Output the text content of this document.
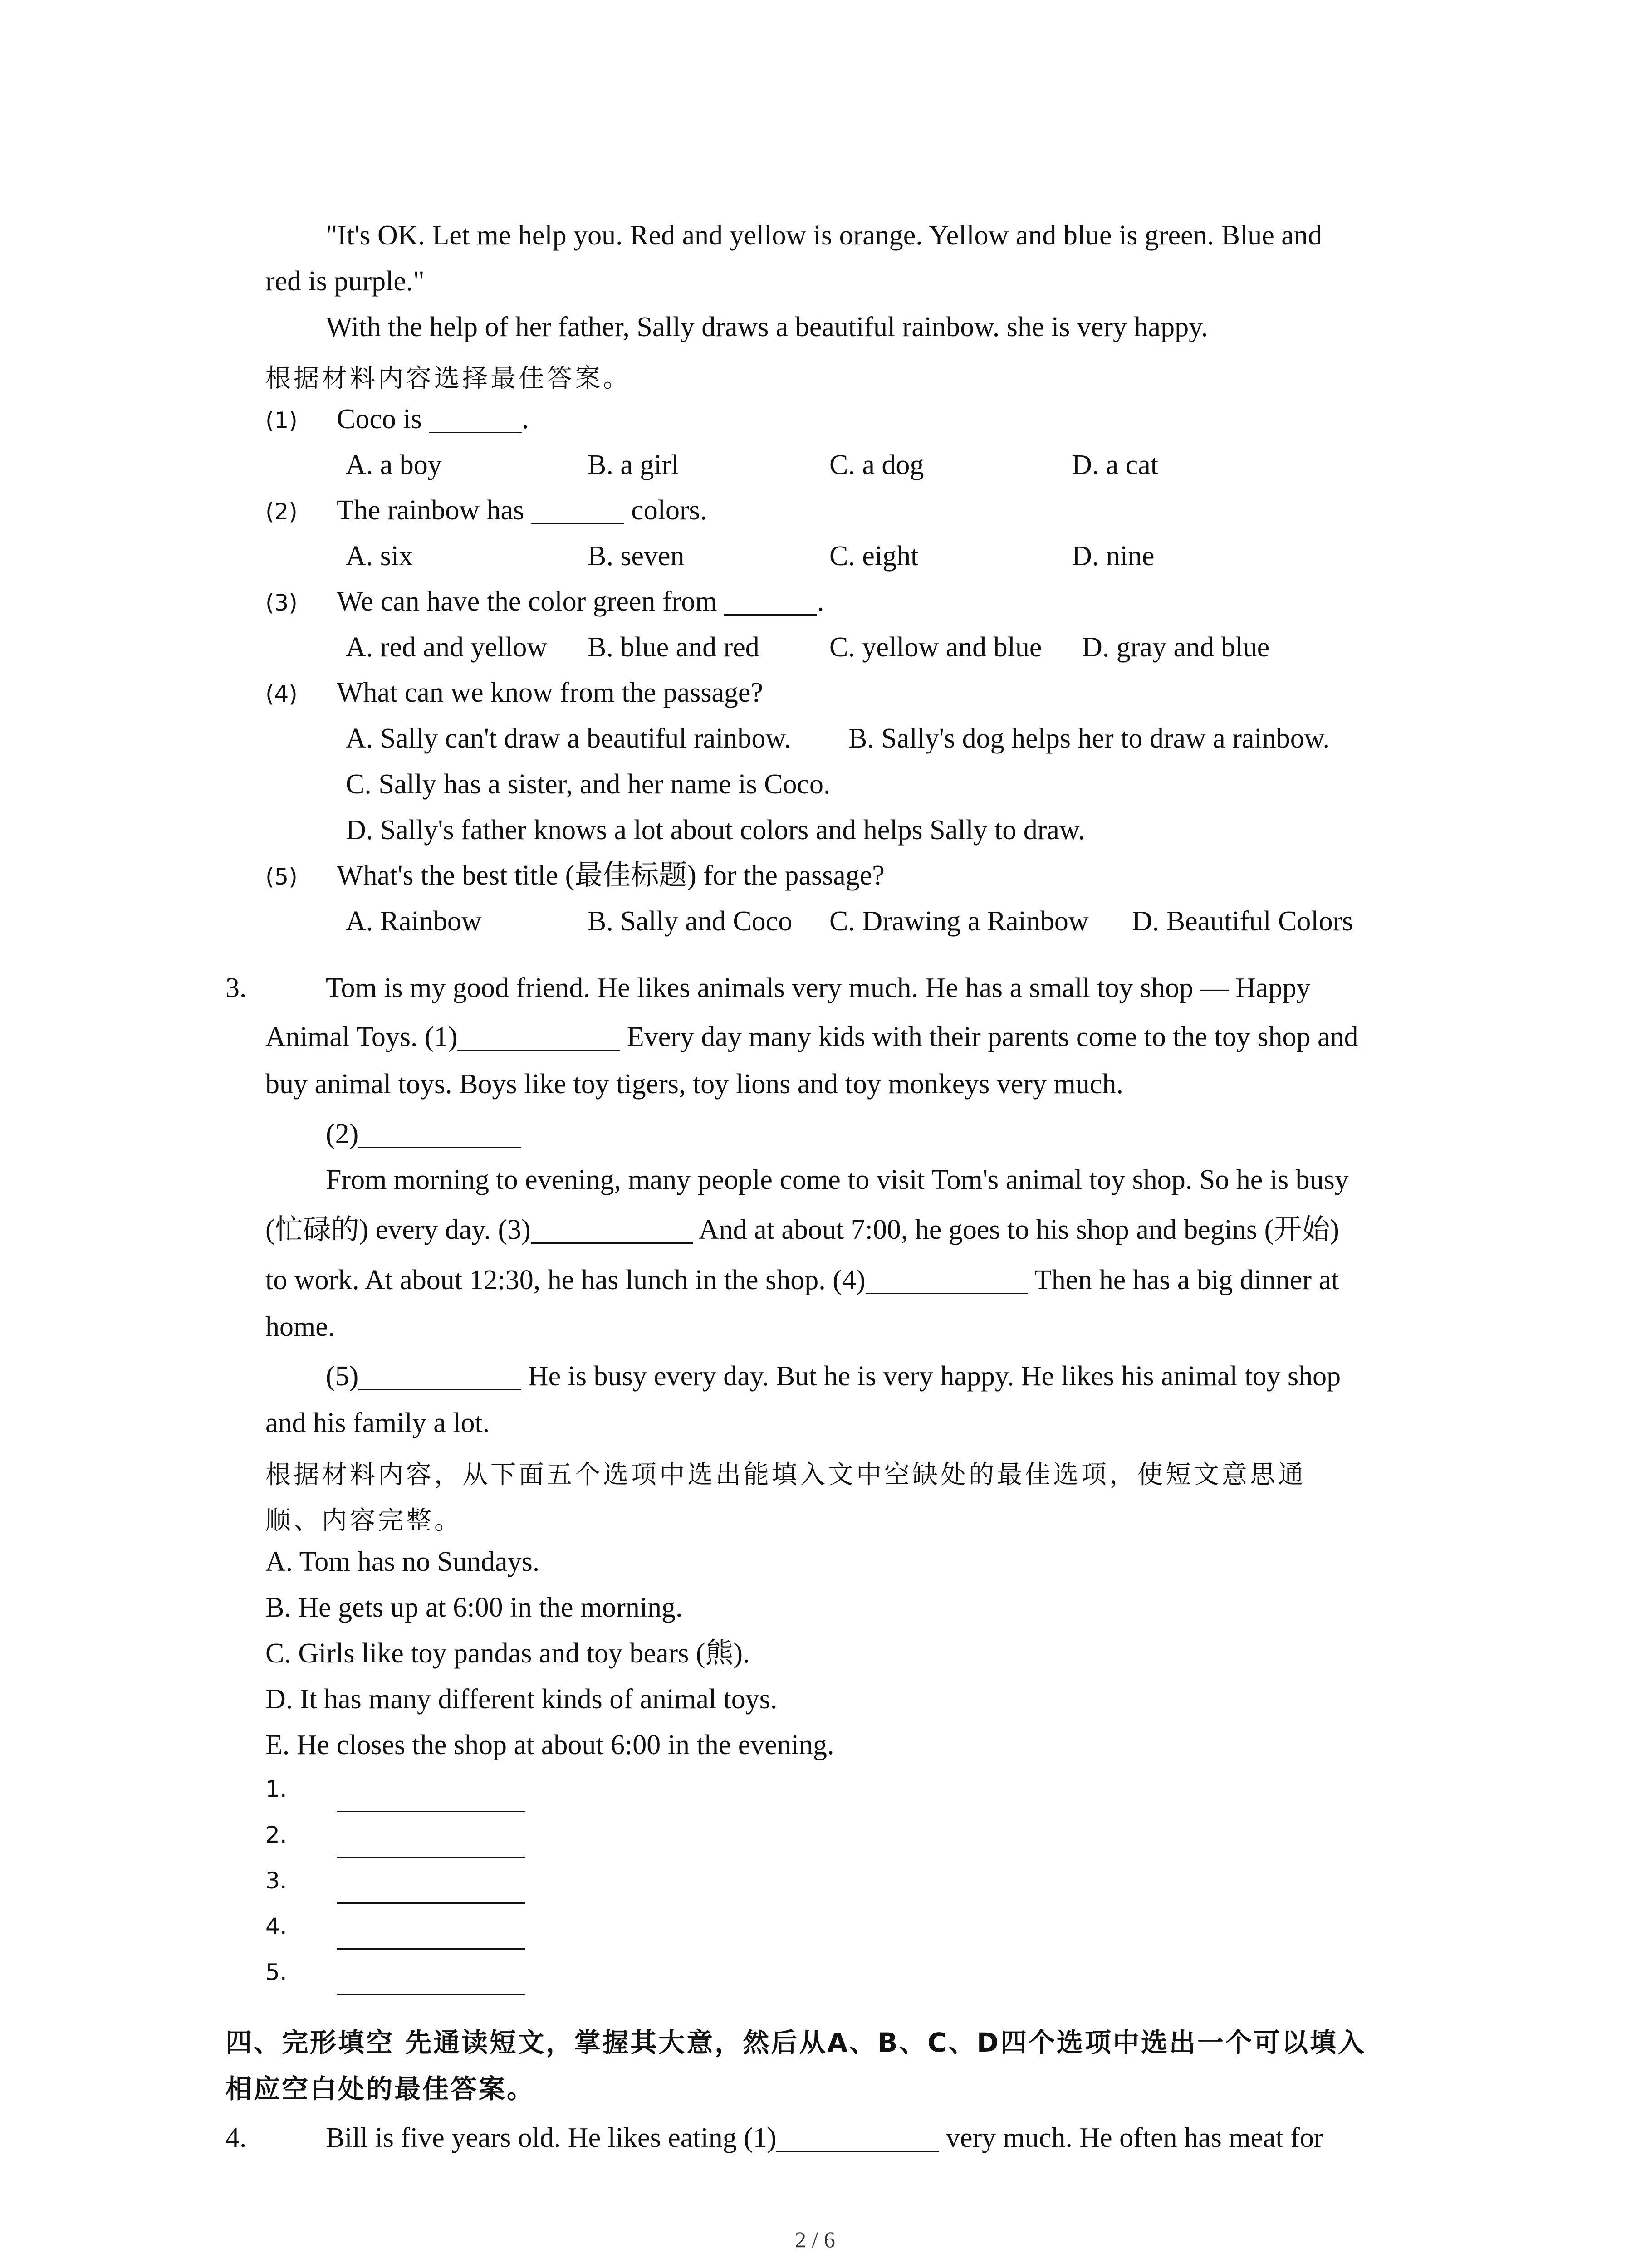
"It's OK. Let me help you. Red and yellow is orange. Yellow and blue is green. Blue and
red is purple."
With the help of her father, Sally draws a beautiful rainbow. she is very happy.
根据材料内容选择最佳答案。
(1) Coco is	.
A. a boy	B. a girl	C. a dog	D. a cat
(2) The rainbow has	colors.
A. six	B. seven	C. eight	D. nine
(3) We can have the color green from	.
A. red and yellow B. blue and red C. yellow and blue D. gray and blue
(4) What can we know from the passage?
A. Sally can't draw a beautiful rainbow. B. Sally's dog helps her to draw a rainbow.
C. Sally has a sister, and her name is Coco.
D. Sally's father knows a lot about colors and helps Sally to draw.
(5) What's the best title (最佳标题) for the passage?
A. Rainbow	B. Sally and Coco C. Drawing a Rainbow D. Beautiful Colors
3.	Tom is my good friend. He likes animals very much. He has a small toy shop — Happy
Animal Toys. (1)	Every day many kids with their parents come to the toy shop and
buy animal toys. Boys like toy tigers, toy lions and toy monkeys very much.
(2)
From morning to evening, many people come to visit Tom's animal toy shop. So he is busy
(忙碌的) every day. (3)	And at about 7:00, he goes to his shop and begins (开始)
to work. At about 12:30, he has lunch in the shop. (4)	Then he has a big dinner at
home.
(5)	He is busy every day. But he is very happy. He likes his animal toy shop
and his family a lot.
根据材料内容，从下面五个选项中选出能填入文中空缺处的最佳选项，使短文意思通
顺、内容完整。
A. Tom has no Sundays.
B. He gets up at 6:00 in the morning.
C. Girls like toy pandas and toy bears (熊).
D. It has many different kinds of animal toys.
E. He closes the shop at about 6:00 in the evening.
1.
2.
3.
4.
5.
四、完形填空 先通读短文，掌握其大意，然后从A、B、C、D四个选项中选出一个可以填入
相应空白处的最佳答案。
4.	Bill is five years old. He likes eating (1)	very much. He often has meat for
2 / 6
